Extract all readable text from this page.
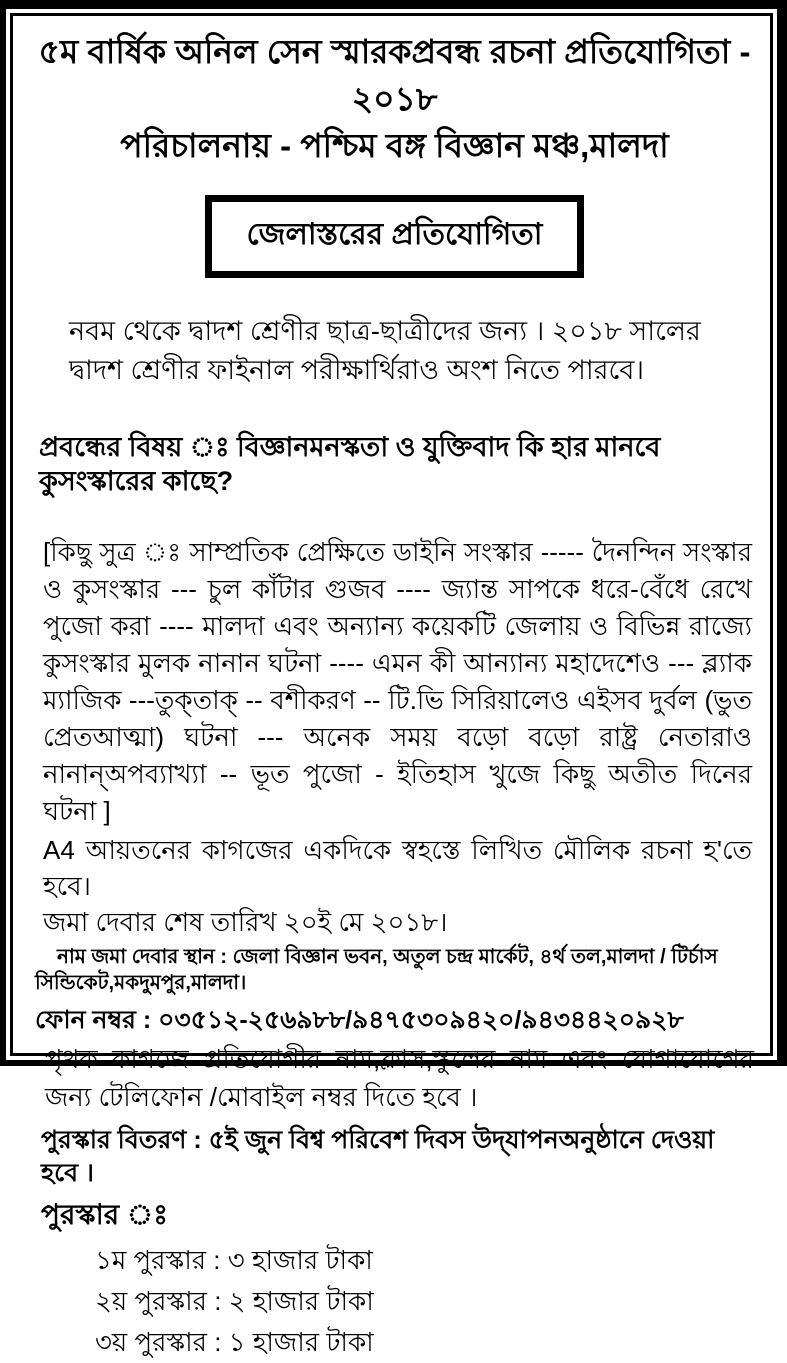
৫ম বার্ষিক অনিল সেন স্মারকপ্রবন্ধ রচনা প্রতিযোগিতা - ২০১৮
পরিচালনায় - পশ্চিম বঙ্গ বিজ্ঞান মঞ্চ,মালদা
জেলাস্তরের প্রতিযোগিতা
নবম থেকে দ্বাদশ শ্রেণীর ছাত্র-ছাত্রীদের জন্য । ২০১৮ সালের দ্বাদশ শ্রেণীর ফাইনাল পরীক্ষার্থিরাও অংশ নিতে পারবে।
প্রবন্ধের বিষয় ঃ বিজ্ঞানমনস্কতা ও যুক্তিবাদ কি হার মানবে কুসংস্কারের কাছে?
[কিছু সুত্র ঃ সাম্প্রতিক প্রেক্ষিতে ডাইনি সংস্কার ----- দৈনন্দিন সংস্কার ও কুসংস্কার --- চুল কাঁটার গুজব ---- জ্যান্ত সাপকে ধরে-বেঁধে রেখে পুজো করা ---- মালদা এবং অন্যান্য কয়েকটি জেলায় ও বিভিন্ন রাজ্যে কুসংস্কার মুলক নানান ঘটনা ---- এমন কী আন্যান্য মহাদেশেও --- ব্ল্যাক ম্যাজিক ---তুক্‌তাক্‌ -- বশীকরণ -- টি.ভি সিরিয়ালেও এইসব দুর্বল (ভুত প্রেতআত্মা) ঘটনা --- অনেক সময় বড়ো বড়ো রাষ্ট্র নেতারাও নানান্‌অপব্যাখ্যা -- ভূত পুজো - ইতিহাস খুজে কিছু অতীত দিনের ঘটনা ]
A4 আয়তনের কাগজের একদিকে স্বহস্তে লিখিত মৌলিক রচনা হ'তে হবে।
জমা দেবার শেষ তারিখ ২০ই মে ২০১৮।
নাম জমা দেবার স্থান : জেলা বিজ্ঞান ভবন, অতুল চন্দ্র মার্কেট, ৪র্থ তল,মালদা / টির্চাস সিন্ডিকেট,মকদুমপুর,মালদা।
ফোন নম্বর : ০৩৫১২-২৫৬৯৮৮/৯৪৭৫৩০৯৪২০/৯৪৩৪৪২০৯২৮
পৃথক কাগজে প্রতিযোগীর নাম,ক্লাস,স্কুলের নাম এবং যোগাযোগের জন্য টেলিফোন /মোবাইল নম্বর দিতে হবে ।
পুরস্কার বিতরণ : ৫ই জুন বিশ্ব পরিবেশ দিবস উদ্‌যাপনঅনুষ্ঠানে দেওয়া হবে ।
পুরস্কার ঃ
১ম পুরস্কার : ৩ হাজার টাকা
২য় পুরস্কার : ২ হাজার টাকা
৩য় পুরস্কার : ১ হাজার টাকা
